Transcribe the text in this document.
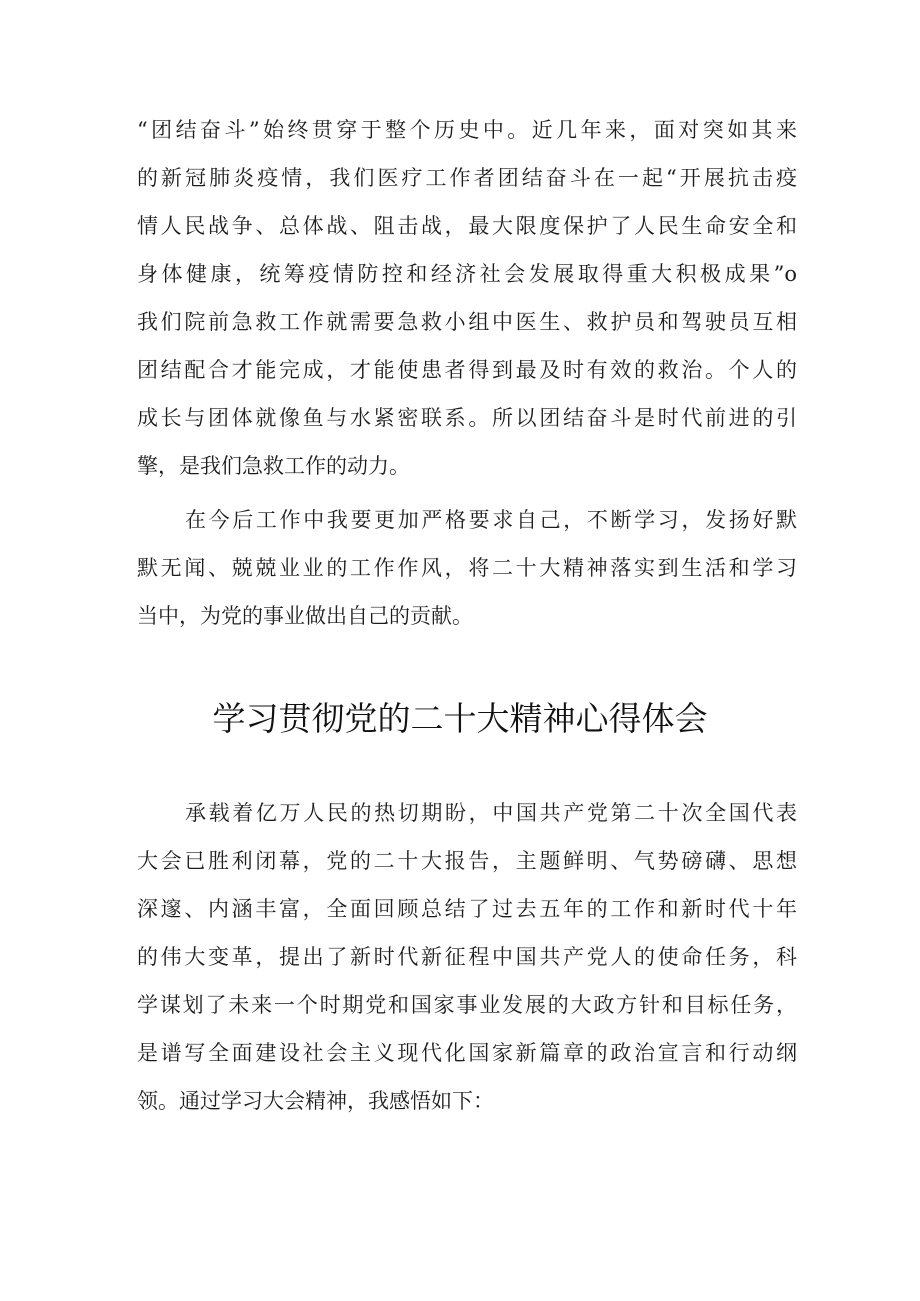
“团结奋斗”始终贯穿于整个历史中。近几年来，面对突如其来
的新冠肺炎疫情，我们医疗工作者团结奋斗在一起“开展抗击疫
情人民战争、总体战、阻击战，最大限度保护了人民生命安全和
身体健康，统筹疫情防控和经济社会发展取得重大积极成果”o
我们院前急救工作就需要急救小组中医生、救护员和驾驶员互相
团结配合才能完成，才能使患者得到最及时有效的救治。个人的
成长与团体就像鱼与水紧密联系。所以团结奋斗是时代前进的引
擎，是我们急救工作的动力。
在今后工作中我要更加严格要求自己，不断学习，发扬好默
默无闻、兢兢业业的工作作风，将二十大精神落实到生活和学习
当中，为党的事业做出自己的贡献。
学习贯彻党的二十大精神心得体会
承载着亿万人民的热切期盼，中国共产党第二十次全国代表
大会已胜利闭幕，党的二十大报告，主题鲜明、气势磅礴、思想
深邃、内涵丰富，全面回顾总结了过去五年的工作和新时代十年
的伟大变革，提出了新时代新征程中国共产党人的使命任务，科
学谋划了未来一个时期党和国家事业发展的大政方针和目标任务，
是谱写全面建设社会主义现代化国家新篇章的政治宣言和行动纲
领。通过学习大会精神，我感悟如下：
